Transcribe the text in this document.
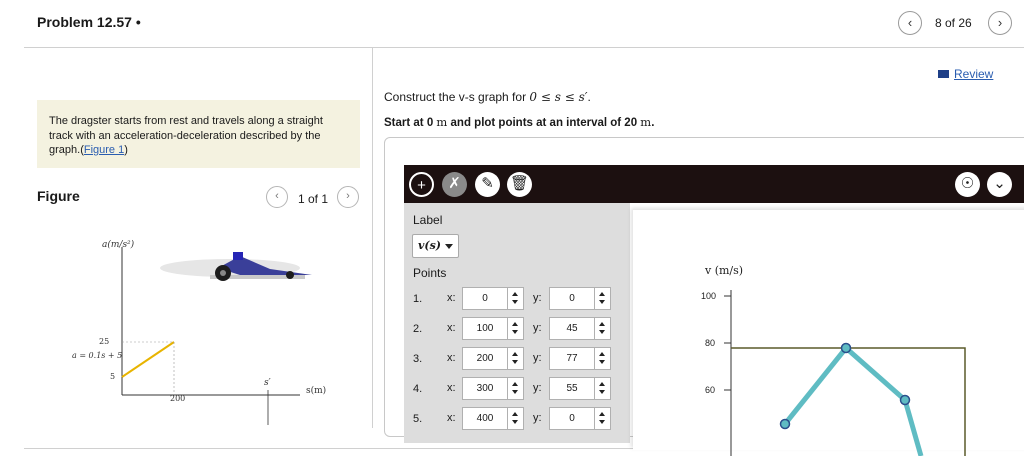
Problem 12.57 •	‹	8 of 26	›
The dragster starts from rest and travels along a straight track with an acceleration-deceleration described by the graph.(Figure 1)
Figure	‹	1 of 1	›
a(m/s²)
s(m)
25
5
200
s′
a = 0.1s + 5
Review
Construct the v-s graph for 0 ≤ s ≤ s′.
Start at 0 m and plot points at an interval of 20 m.
+	✗	✎	🗑	☉	⌄
Label
v(s)
Points
1. x:	0	y:	0
2. x:	100	y:	45
3. x:	200	y:	77
4. x:	300	y:	55
5. x:	400	y:	0
v (m/s)
100
80
60
